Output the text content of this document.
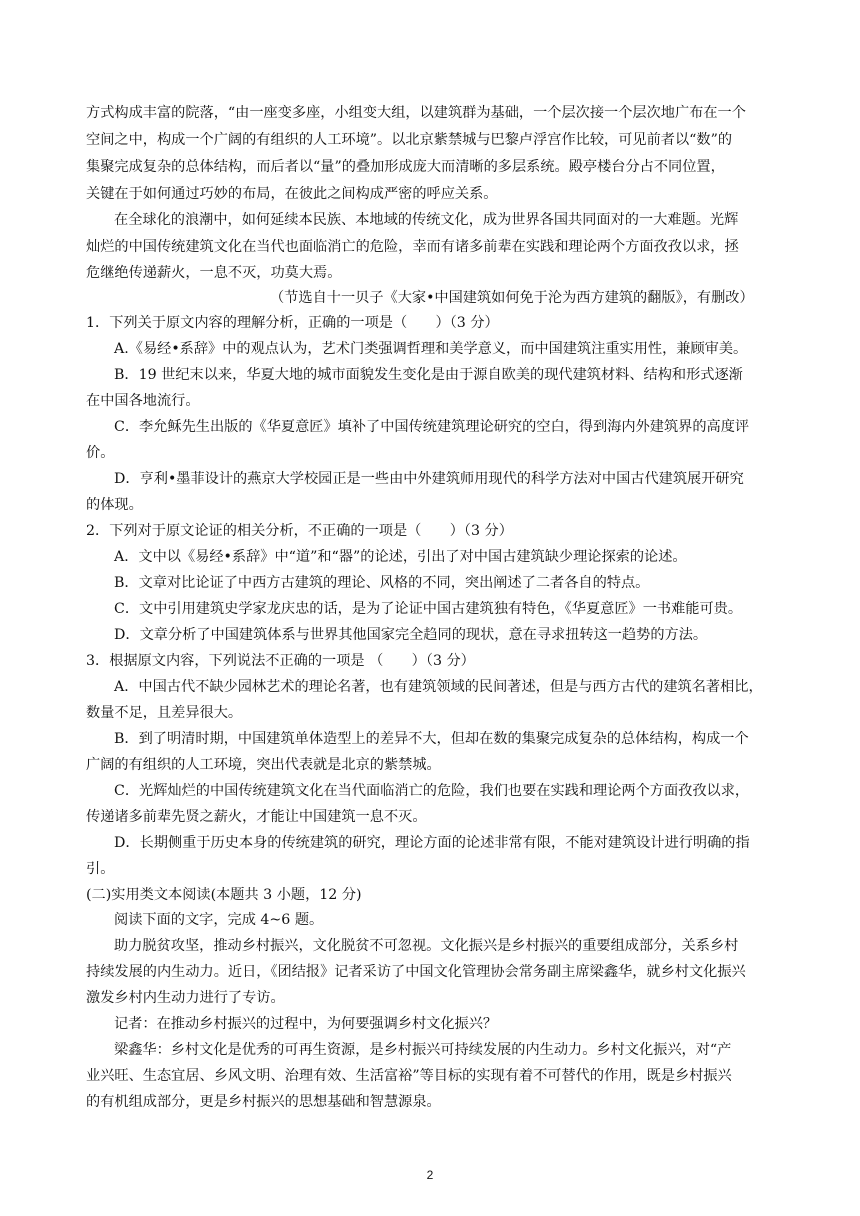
方式构成丰富的院落，“由一座变多座，小组变大组，以建筑群为基础，一个层次接一个层次地广布在一个
空间之中，构成一个广阔的有组织的人工环境”。以北京紫禁城与巴黎卢浮宫作比较，可见前者以“数”的
集聚完成复杂的总体结构，而后者以“量”的叠加形成庞大而清晰的多层系统。殿亭楼台分占不同位置，
关键在于如何通过巧妙的布局，在彼此之间构成严密的呼应关系。
在全球化的浪潮中，如何延续本民族、本地域的传统文化，成为世界各国共同面对的一大难题。光辉
灿烂的中国传统建筑文化在当代也面临消亡的危险，幸而有诸多前辈在实践和理论两个方面孜孜以求，拯
危继绝传递薪火，一息不灭，功莫大焉。
（节选自十一贝子《大家•中国建筑如何免于沦为西方建筑的翻版》，有删改）
1．下列关于原文内容的理解分析，正确的一项是（　　）（3 分）
A.《易经•系辞》中的观点认为，艺术门类强调哲理和美学意义，而中国建筑注重实用性，兼顾审美。
B．19 世纪末以来，华夏大地的城市面貌发生变化是由于源自欧美的现代建筑材料、结构和形式逐渐
在中国各地流行。
C．李允稣先生出版的《华夏意匠》填补了中国传统建筑理论研究的空白，得到海内外建筑界的高度评
价。
D．亨利•墨菲设计的燕京大学校园正是一些由中外建筑师用现代的科学方法对中国古代建筑展开研究
的体现。
2．下列对于原文论证的相关分析，不正确的一项是（　　）（3 分）
A．文中以《易经•系辞》中“道”和“器”的论述，引出了对中国古建筑缺少理论探索的论述。
B．文章对比论证了中西方古建筑的理论、风格的不同，突出阐述了二者各自的特点。
C．文中引用建筑史学家龙庆忠的话，是为了论证中国古建筑独有特色，《华夏意匠》一书难能可贵。
D．文章分析了中国建筑体系与世界其他国家完全趋同的现状，意在寻求扭转这一趋势的方法。
3．根据原文内容，下列说法不正确的一项是 （　　）（3 分）
A．中国古代不缺少园林艺术的理论名著，也有建筑领域的民间著述，但是与西方古代的建筑名著相比，
数量不足，且差异很大。
B．到了明清时期，中国建筑单体造型上的差异不大，但却在数的集聚完成复杂的总体结构，构成一个
广阔的有组织的人工环境，突出代表就是北京的紫禁城。
C．光辉灿烂的中国传统建筑文化在当代面临消亡的危险，我们也要在实践和理论两个方面孜孜以求，
传递诸多前辈先贤之薪火，才能让中国建筑一息不灭。
D．长期侧重于历史本身的传统建筑的研究，理论方面的论述非常有限，不能对建筑设计进行明确的指
引。
(二)实用类文本阅读(本题共 3 小题，12 分)
阅读下面的文字，完成 4~6 题。
助力脱贫攻坚，推动乡村振兴，文化脱贫不可忽视。文化振兴是乡村振兴的重要组成部分，关系乡村
持续发展的内生动力。近日，《团结报》记者采访了中国文化管理协会常务副主席梁鑫华，就乡村文化振兴
激发乡村内生动力进行了专访。
记者：在推动乡村振兴的过程中，为何要强调乡村文化振兴？
梁鑫华：乡村文化是优秀的可再生资源，是乡村振兴可持续发展的内生动力。乡村文化振兴，对“产
业兴旺、生态宜居、乡风文明、治理有效、生活富裕”等目标的实现有着不可替代的作用，既是乡村振兴
的有机组成部分，更是乡村振兴的思想基础和智慧源泉。
2
